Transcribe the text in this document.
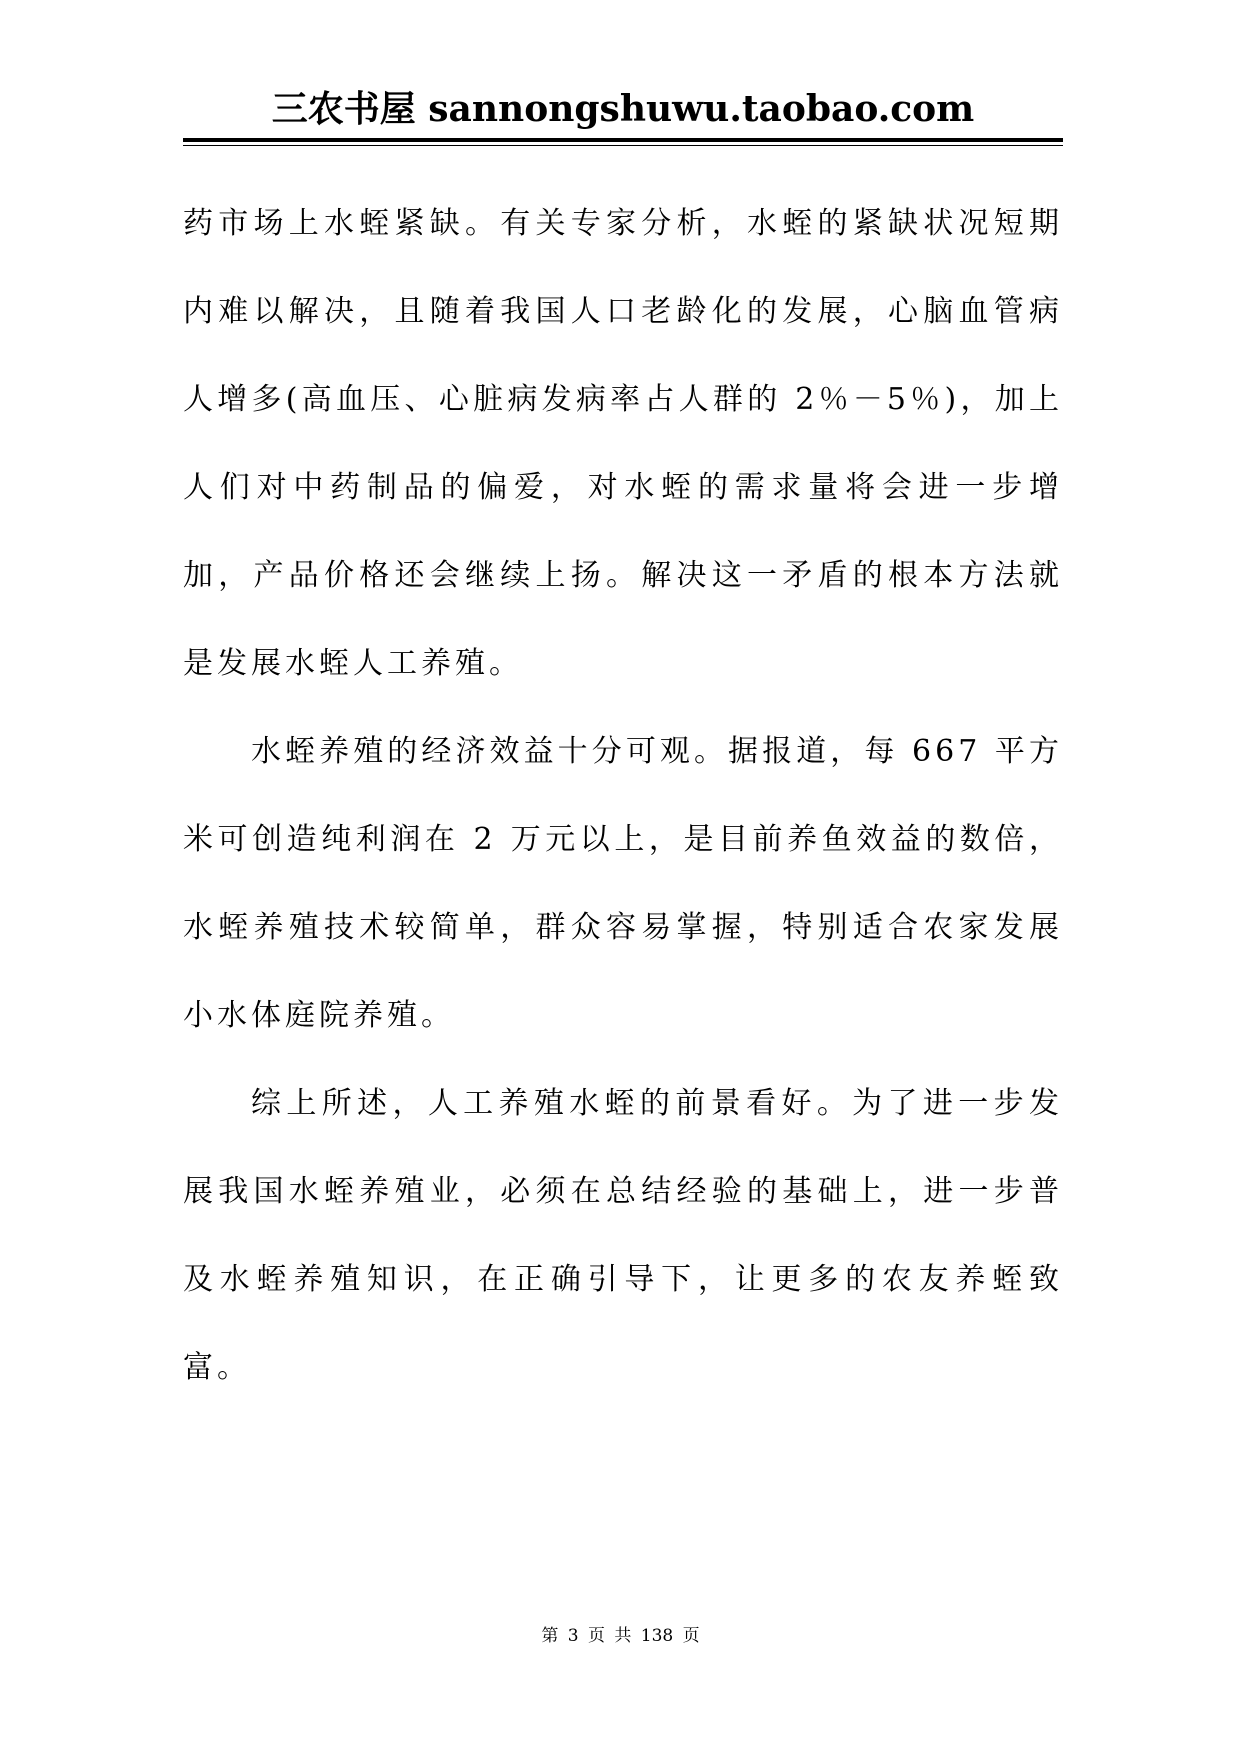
三农书屋 sannongshuwu.taobao.com

药市场上水蛭紧缺。有关专家分析，水蛭的紧缺状况短期内难以解决，且随着我国人口老龄化的发展，心脑血管病人增多(高血压、心脏病发病率占人群的 2％－5％)，加上人们对中药制品的偏爱，对水蛭的需求量将会进一步增加，产品价格还会继续上扬。解决这一矛盾的根本方法就是发展水蛭人工养殖。

水蛭养殖的经济效益十分可观。据报道，每 667 平方米可创造纯利润在 2 万元以上，是目前养鱼效益的数倍，水蛭养殖技术较简单，群众容易掌握，特别适合农家发展小水体庭院养殖。

综上所述，人工养殖水蛭的前景看好。为了进一步发展我国水蛭养殖业，必须在总结经验的基础上，进一步普及水蛭养殖知识，在正确引导下，让更多的农友养蛭致富。

第 3 页 共 138 页
